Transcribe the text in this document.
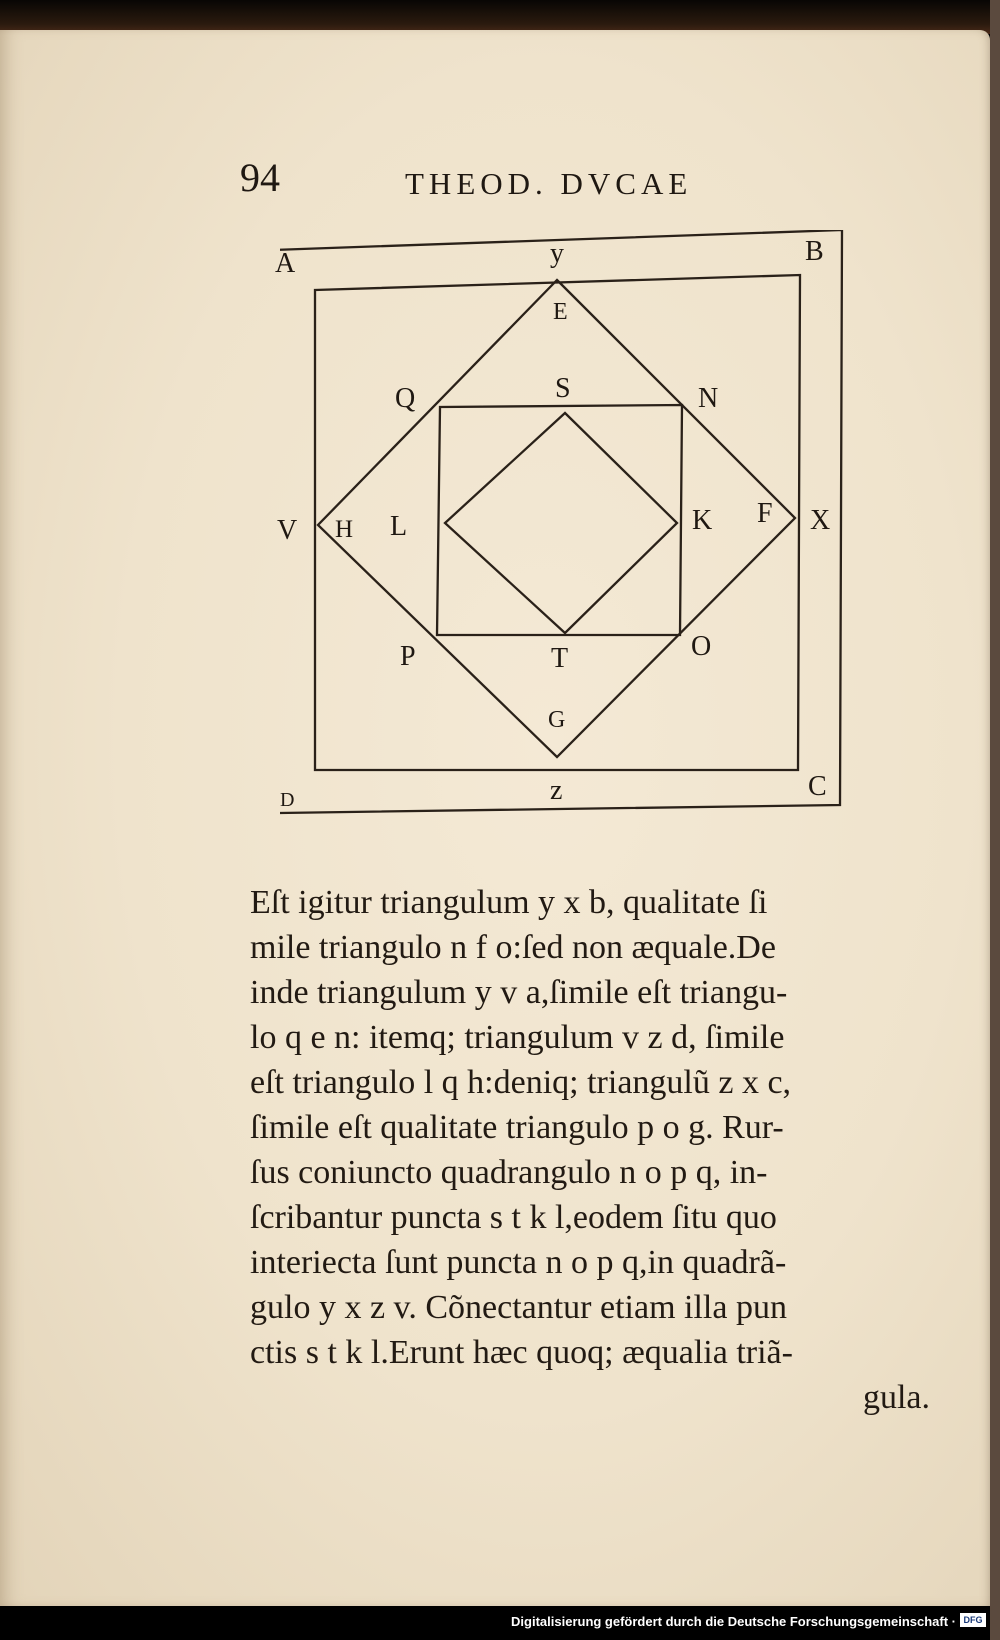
94	THEOD. DVCAE
A	y	B
E
Q	S	N
V H L	K F X
P	T	O
G
D	z	C
Eſt igitur triangulum y x b, qualitate ſi
mile triangulo n f o:ſed non æquale.De
inde triangulum y v a,ſimile eſt triangu-
lo q e n: itemq; triangulum v z d, ſimile
eſt triangulo l q h:deniq; triangulũ z x c,
ſimile eſt qualitate triangulo p o g. Rur-
ſus coniuncto quadrangulo n o p q, in-
ſcribantur puncta s t k l,eodem ſitu quo
interiecta ſunt puncta n o p q,in quadrã-
gulo y x z v. Cõnectantur etiam illa pun
ctis s t k l.Erunt hæc quoq; æqualia triã-
gula.
Digitalisierung gefördert durch die Deutsche Forschungsgemeinschaft · DFG
